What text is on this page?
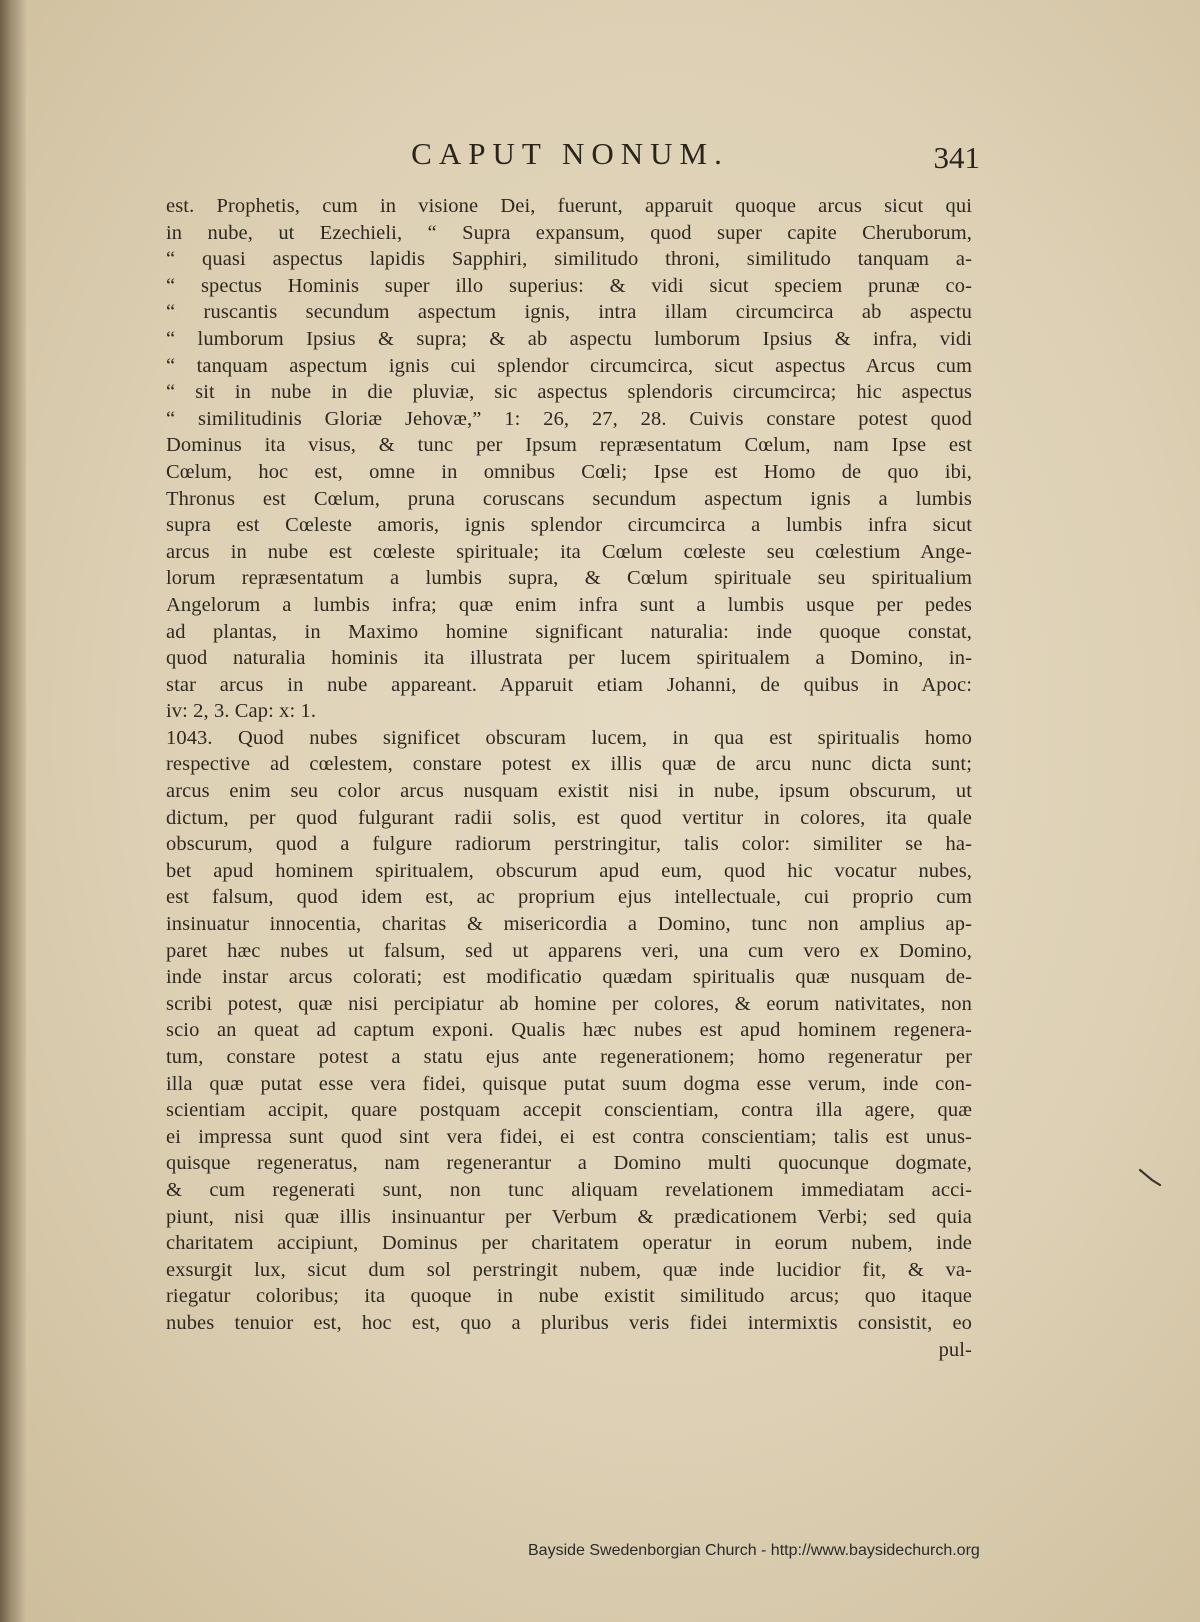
CAPUT NONUM.	341
est. Prophetis, cum in visione Dei, fuerunt, apparuit quoque arcus sicut qui
in nube, ut Ezechieli, “ Supra expansum, quod super capite Cheruborum,
“ quasi aspectus lapidis Sapphiri, similitudo throni, similitudo tanquam a-
“ spectus Hominis super illo superius: & vidi sicut speciem prunæ co-
“ ruscantis secundum aspectum ignis, intra illam circumcirca ab aspectu
“ lumborum Ipsius & supra; & ab aspectu lumborum Ipsius & infra, vidi
“ tanquam aspectum ignis cui splendor circumcirca, sicut aspectus Arcus cum
“ sit in nube in die pluviæ, sic aspectus splendoris circumcirca; hic aspectus
“ similitudinis Gloriæ Jehovæ,” 1: 26, 27, 28. Cuivis constare potest quod
Dominus ita visus, & tunc per Ipsum repræsentatum Cœlum, nam Ipse est
Cœlum, hoc est, omne in omnibus Cœli; Ipse est Homo de quo ibi,
Thronus est Cœlum, pruna coruscans secundum aspectum ignis a lumbis
supra est Cœleste amoris, ignis splendor circumcirca a lumbis infra sicut
arcus in nube est cœleste spirituale; ita Cœlum cœleste seu cœlestium Ange-
lorum repræsentatum a lumbis supra, & Cœlum spirituale seu spiritualium
Angelorum a lumbis infra; quæ enim infra sunt a lumbis usque per pedes
ad plantas, in Maximo homine significant naturalia: inde quoque constat,
quod naturalia hominis ita illustrata per lucem spiritualem a Domino, in-
star arcus in nube appareant. Apparuit etiam Johanni, de quibus in Apoc:
iv: 2, 3. Cap: x: 1.
1043. Quod nubes significet obscuram lucem, in qua est spiritualis homo
respective ad cœlestem, constare potest ex illis quæ de arcu nunc dicta sunt;
arcus enim seu color arcus nusquam existit nisi in nube, ipsum obscurum, ut
dictum, per quod fulgurant radii solis, est quod vertitur in colores, ita quale
obscurum, quod a fulgure radiorum perstringitur, talis color: similiter se ha-
bet apud hominem spiritualem, obscurum apud eum, quod hic vocatur nubes,
est falsum, quod idem est, ac proprium ejus intellectuale, cui proprio cum
insinuatur innocentia, charitas & misericordia a Domino, tunc non amplius ap-
paret hæc nubes ut falsum, sed ut apparens veri, una cum vero ex Domino,
inde instar arcus colorati; est modificatio quædam spiritualis quæ nusquam de-
scribi potest, quæ nisi percipiatur ab homine per colores, & eorum nativitates, non
scio an queat ad captum exponi. Qualis hæc nubes est apud hominem regenera-
tum, constare potest a statu ejus ante regenerationem; homo regeneratur per
illa quæ putat esse vera fidei, quisque putat suum dogma esse verum, inde con-
scientiam accipit, quare postquam accepit conscientiam, contra illa agere, quæ
ei impressa sunt quod sint vera fidei, ei est contra conscientiam; talis est unus-
quisque regeneratus, nam regenerantur a Domino multi quocunque dogmate,
& cum regenerati sunt, non tunc aliquam revelationem immediatam acci-
piunt, nisi quæ illis insinuantur per Verbum & prædicationem Verbi; sed quia
charitatem accipiunt, Dominus per charitatem operatur in eorum nubem, inde
exsurgit lux, sicut dum sol perstringit nubem, quæ inde lucidior fit, & va-
riegatur coloribus; ita quoque in nube existit similitudo arcus; quo itaque
nubes tenuior est, hoc est, quo a pluribus veris fidei intermixtis consistit, eo
pul-
Bayside Swedenborgian Church - http://www.baysidechurch.org
